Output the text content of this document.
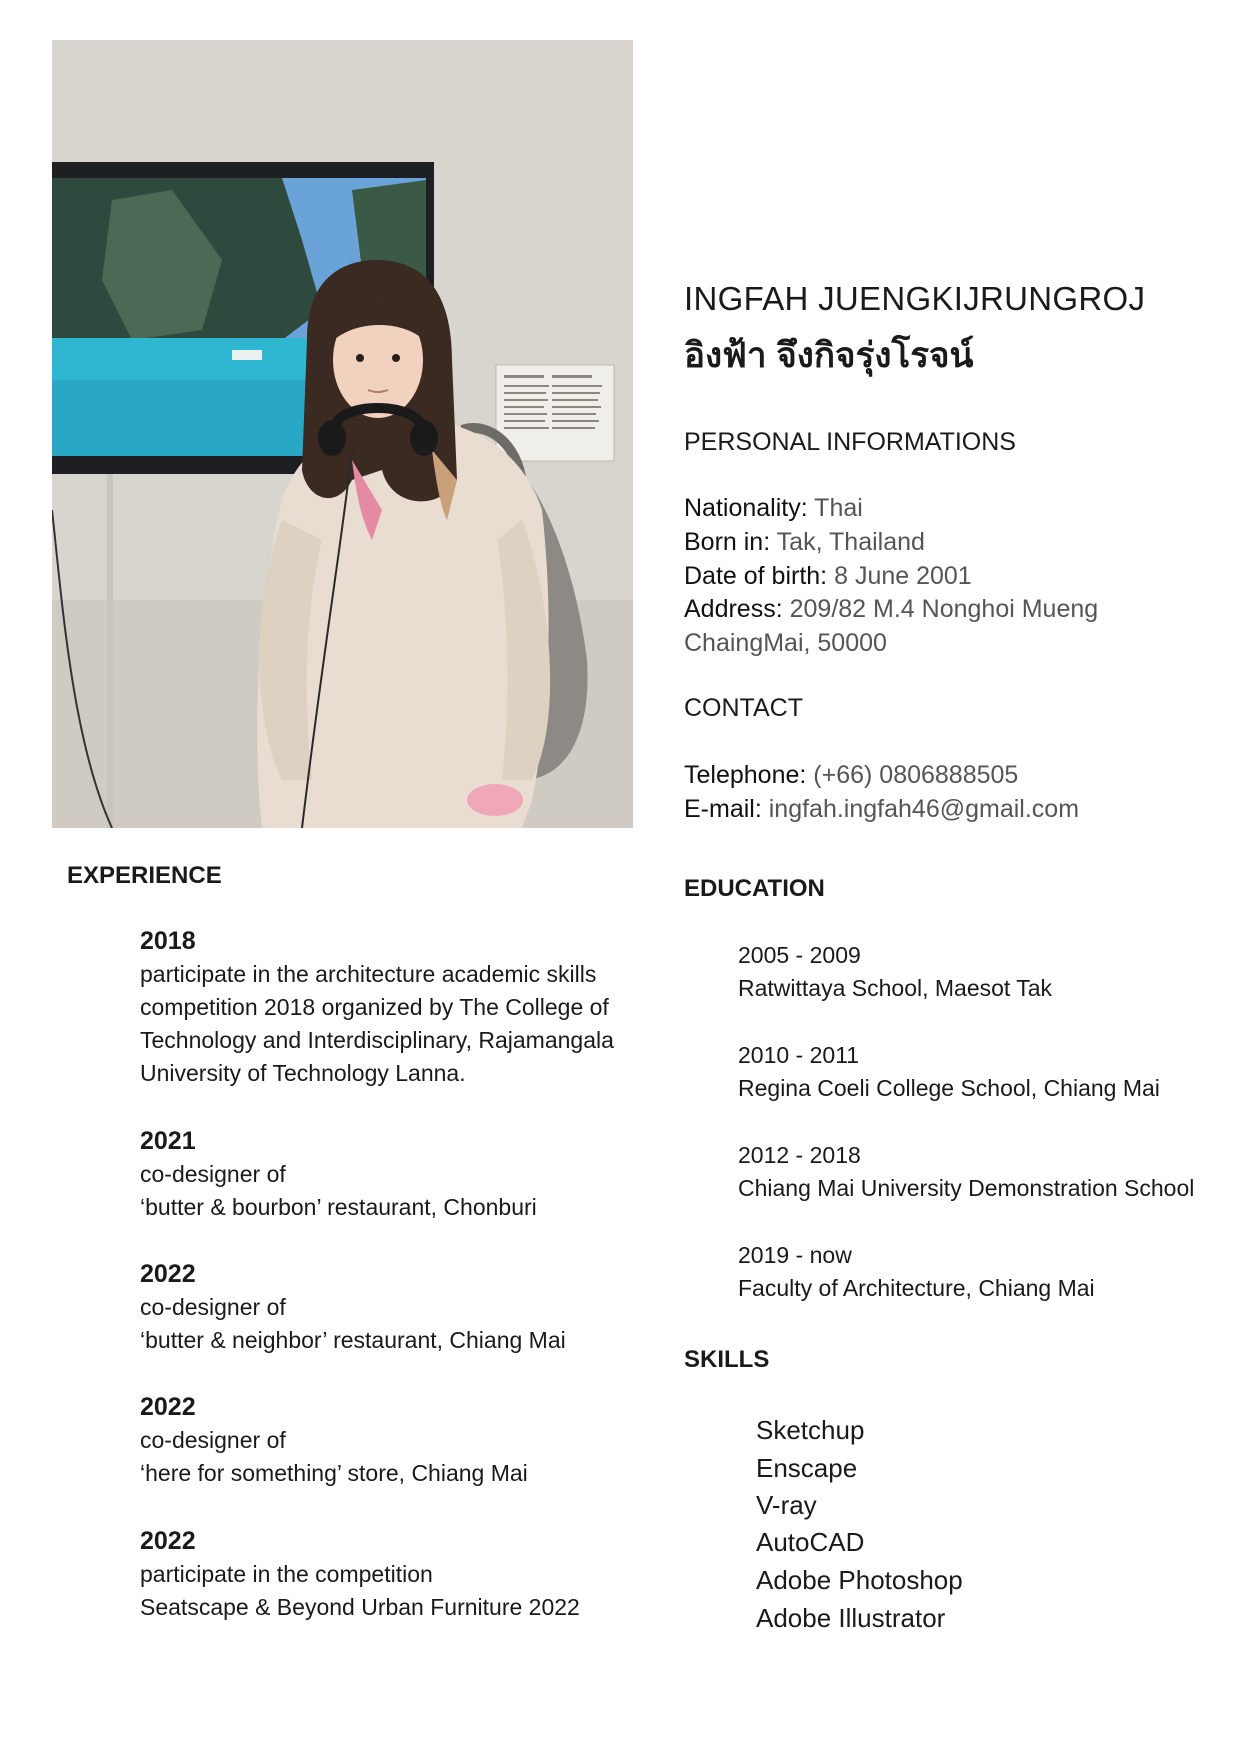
INGFAH JUENGKIJRUNGROJ
อิงฟ้า จึงกิจรุ่งโรจน์
PERSONAL INFORMATIONS
Nationality: Thai
Born in: Tak, Thailand
Date of birth: 8 June 2001
Address: 209/82 M.4 Nonghoi Mueng
ChaingMai, 50000
CONTACT
Telephone: (+66) 0806888505
E-mail: ingfah.ingfah46@gmail.com
EDUCATION
2005 - 2009
Ratwittaya School, Maesot Tak
2010 - 2011
Regina Coeli College School, Chiang Mai
2012 - 2018
Chiang Mai University Demonstration School
2019 - now
Faculty of Architecture, Chiang Mai
SKILLS
Sketchup
Enscape
V-ray
AutoCAD
Adobe Photoshop
Adobe Illustrator
EXPERIENCE
2018
participate in the architecture academic skills
competition 2018 organized by The College of
Technology and Interdisciplinary, Rajamangala
University of Technology Lanna.
2021
co-designer of
‘butter & bourbon’ restaurant, Chonburi
2022
co-designer of
‘butter & neighbor’ restaurant, Chiang Mai
2022
co-designer of
‘here for something’ store, Chiang Mai
2022
participate in the competition
Seatscape & Beyond Urban Furniture 2022
